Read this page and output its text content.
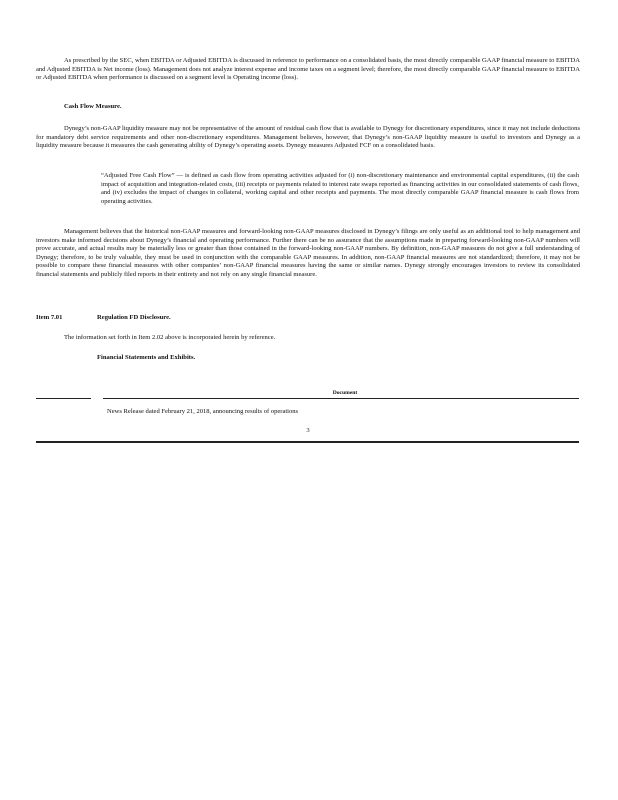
As prescribed by the SEC, when EBITDA or Adjusted EBITDA is discussed in reference to performance on a consolidated basis, the most directly comparable GAAP financial measure to EBITDA and Adjusted EBITDA is Net income (loss). Management does not analyze interest expense and income taxes on a segment level; therefore, the most directly comparable GAAP financial measure to EBITDA or Adjusted EBITDA when performance is discussed on a segment level is Operating income (loss).

Cash Flow Measure.

Dynegy’s non-GAAP liquidity measure may not be representative of the amount of residual cash flow that is available to Dynegy for discretionary expenditures, since it may not include deductions for mandatory debt service requirements and other non-discretionary expenditures. Management believes, however, that Dynegy’s non-GAAP liquidity measure is useful to investors and Dynegy as a liquidity measure because it measures the cash generating ability of Dynegy’s operating assets. Dynegy measures Adjusted FCF on a consolidated basis.

“Adjusted Free Cash Flow” — is defined as cash flow from operating activities adjusted for (i) non-discretionary maintenance and environmental capital expenditures, (ii) the cash impact of acquisition and integration-related costs, (iii) receipts or payments related to interest rate swaps reported as financing activities in our consolidated statements of cash flows, and (iv) excludes the impact of changes in collateral, working capital and other receipts and payments. The most directly comparable GAAP financial measure is cash flows from operating activities.

Management believes that the historical non-GAAP measures and forward-looking non-GAAP measures disclosed in Dynegy’s filings are only useful as an additional tool to help management and investors make informed decisions about Dynegy’s financial and operating performance. Further there can be no assurance that the assumptions made in preparing forward-looking non-GAAP numbers will prove accurate, and actual results may be materially less or greater than those contained in the forward-looking non-GAAP numbers. By definition, non-GAAP measures do not give a full understanding of Dynegy; therefore, to be truly valuable, they must be used in conjunction with the comparable GAAP measures. In addition, non-GAAP financial measures are not standardized; therefore, it may not be possible to compare these financial measures with other companies’ non-GAAP financial measures having the same or similar names. Dynegy strongly encourages investors to review its consolidated financial statements and publicly filed reports in their entirety and not rely on any single financial measure.

Item 7.01	Regulation FD Disclosure.

The information set forth in Item 2.02 above is incorporated herein by reference.

Financial Statements and Exhibits.

Document
News Release dated February 21, 2018, announcing results of operations
3
